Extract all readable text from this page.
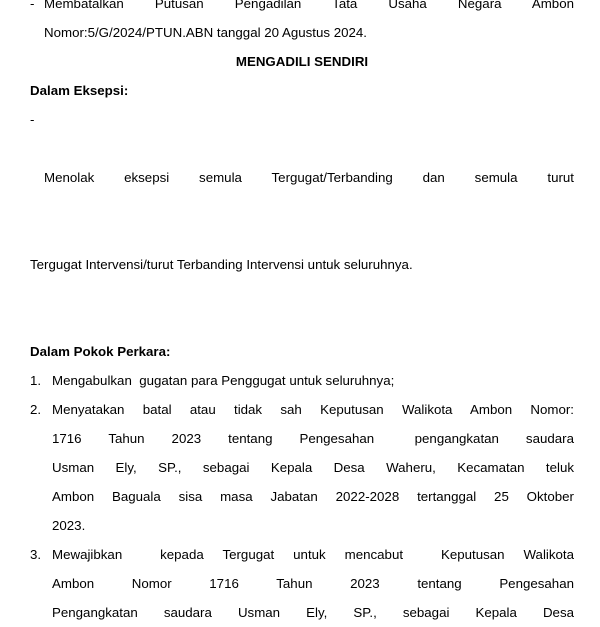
- Membatalkan  Putusan  Pengadilan  Tata  Usaha  Negara  Ambon
Nomor:5/G/2024/PTUN.ABN tanggal 20 Agustus 2024.
MENGADILI SENDIRI
Dalam Eksepsi:
-

Menolak eksepsi semula Tergugat/Terbanding dan semula turut

Tergugat Intervensi/turut Terbanding Intervensi untuk seluruhnya.

Dalam Pokok Perkara:
1. Mengabulkan  gugatan para Penggugat untuk seluruhnya;
2. Menyatakan batal atau tidak sah Keputusan Walikota Ambon Nomor:
1716  Tahun  2023  tentang  Pengesahan   pengangkatan  saudara
Usman Ely, SP., sebagai Kepala Desa Waheru, Kecamatan teluk
Ambon Baguala sisa masa Jabatan 2022-2028 tertanggal 25 Oktober
2023.
3. Mewajibkan  kepada Tergugat untuk mencabut  Keputusan Walikota
Ambon    Nomor    1716    Tahun    2023    tentang    Pengesahan
Pengangkatan  saudara  Usman  Ely,  SP.,  sebagai  Kepala  Desa
